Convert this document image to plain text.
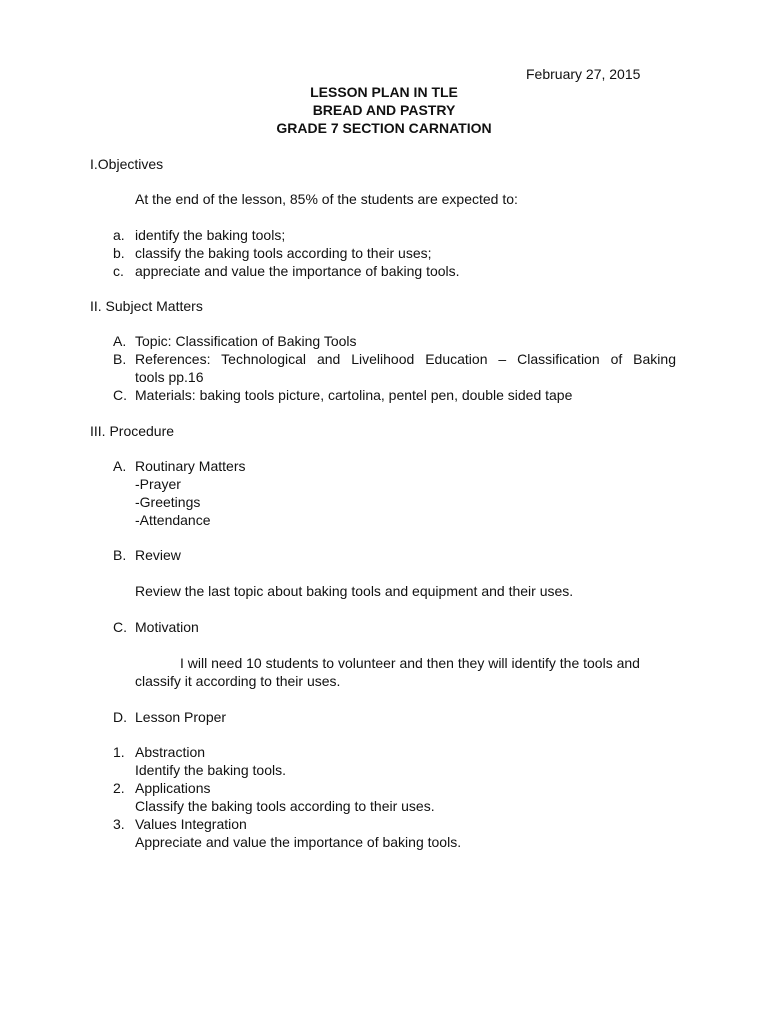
February 27, 2015
LESSON PLAN IN TLE
BREAD AND PASTRY
GRADE 7 SECTION CARNATION
I.Objectives
At the end of the lesson, 85% of the students are expected to:
a. identify the baking tools;
b. classify the baking tools according to their uses;
c. appreciate and value the importance of baking tools.
II. Subject Matters
A. Topic: Classification of Baking Tools
B. References: Technological and Livelihood Education – Classification of Baking
tools pp.16
C. Materials: baking tools picture, cartolina, pentel pen, double sided tape
III. Procedure
A. Routinary Matters
-Prayer
-Greetings
-Attendance
B. Review
Review the last topic about baking tools and equipment and their uses.
C. Motivation
I will need 10 students to volunteer and then they will identify the tools and
classify it according to their uses.
D. Lesson Proper
1. Abstraction
Identify the baking tools.
2. Applications
Classify the baking tools according to their uses.
3. Values Integration
Appreciate and value the importance of baking tools.
